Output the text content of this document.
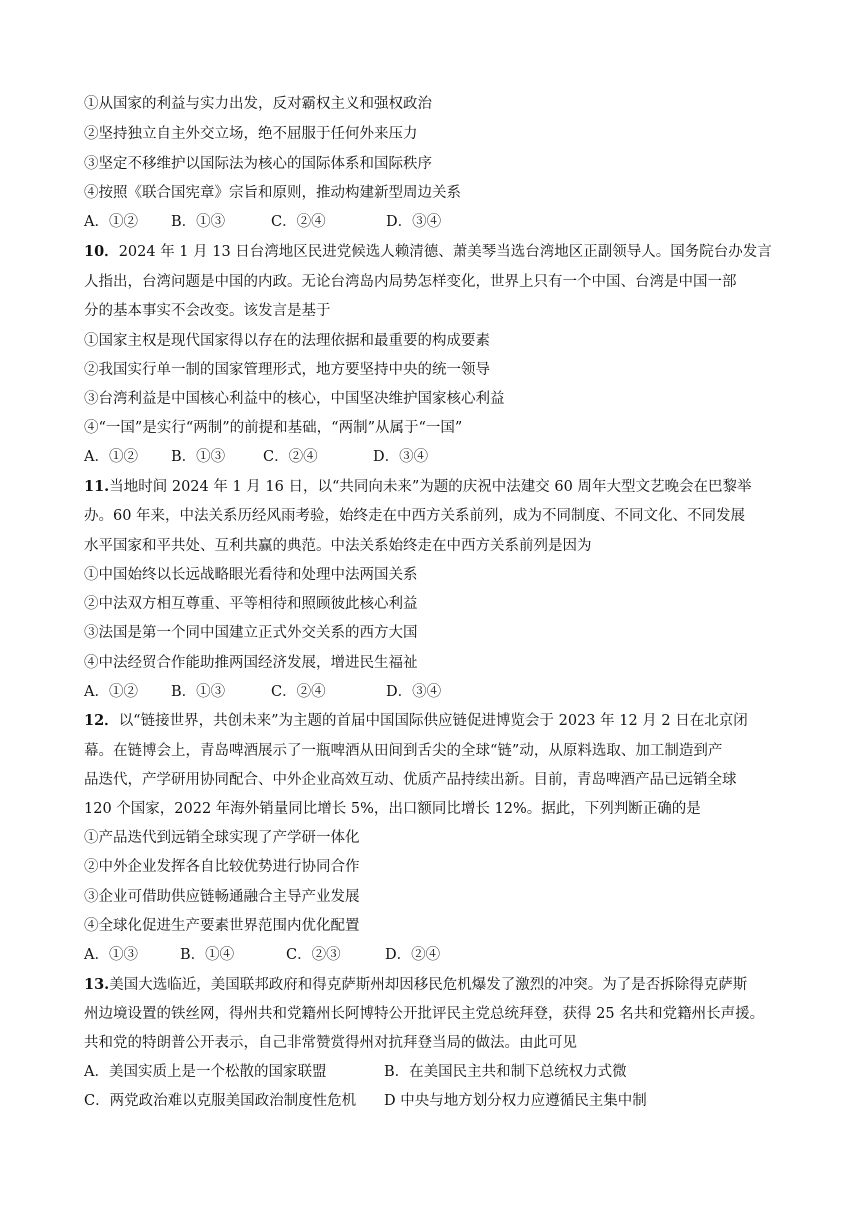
①从国家的利益与实力出发，反对霸权主义和强权政治
②坚持独立自主外交立场，绝不屈服于任何外来压力
③坚定不移维护以国际法为核心的国际体系和国际秩序
④按照《联合国宪章》宗旨和原则，推动构建新型周边关系
A．①② B．①③	C．②④	D．③④
10．2024 年 1 月 13 日台湾地区民进党候选人赖清德、萧美琴当选台湾地区正副领导人。国务院台办发言
人指出，台湾问题是中国的内政。无论台湾岛内局势怎样变化，世界上只有一个中国、台湾是中国一部
分的基本事实不会改变。该发言是基于
①国家主权是现代国家得以存在的法理依据和最重要的构成要素
②我国实行单一制的国家管理形式，地方要坚持中央的统一领导
③台湾利益是中国核心利益中的核心，中国坚决维护国家核心利益
④“一国”是实行“两制”的前提和基础，“两制”从属于“一国”
A．①② B．①③	C．②④	D．③④
11.当地时间 2024 年 1 月 16 日，以“共同向未来”为题的庆祝中法建交 60 周年大型文艺晚会在巴黎举
办。60 年来，中法关系历经风雨考验，始终走在中西方关系前列，成为不同制度、不同文化、不同发展
水平国家和平共处、互利共赢的典范。中法关系始终走在中西方关系前列是因为
①中国始终以长远战略眼光看待和处理中法两国关系
②中法双方相互尊重、平等相待和照顾彼此核心利益
③法国是第一个同中国建立正式外交关系的西方大国
④中法经贸合作能助推两国经济发展，增进民生福祉
A．①② B．①③	C．②④	D．③④
12．以“链接世界，共创未来”为主题的首届中国国际供应链促进博览会于 2023 年 12 月 2 日在北京闭
幕。在链博会上，青岛啤酒展示了一瓶啤酒从田间到舌尖的全球“链”动，从原料选取、加工制造到产
品迭代，产学研用协同配合、中外企业高效互动、优质产品持续出新。目前，青岛啤酒产品已远销全球
120 个国家，2022 年海外销量同比增长 5%，出口额同比增长 12%。据此，下列判断正确的是
①产品迭代到远销全球实现了产学研一体化
②中外企业发挥各自比较优势进行协同合作
③企业可借助供应链畅通融合主导产业发展
④全球化促进生产要素世界范围内优化配置
A．①③	B．①④	C．②③	D．②④
13.美国大选临近，美国联邦政府和得克萨斯州却因移民危机爆发了激烈的冲突。为了是否拆除得克萨斯
州边境设置的铁丝网，得州共和党籍州长阿博特公开批评民主党总统拜登，获得 25 名共和党籍州长声援。
共和党的特朗普公开表示，自己非常赞赏得州对抗拜登当局的做法。由此可见
A．美国实质上是一个松散的国家联盟	B．在美国民主共和制下总统权力式微
C．两党政治难以克服美国政治制度性危机 D 中央与地方划分权力应遵循民主集中制
